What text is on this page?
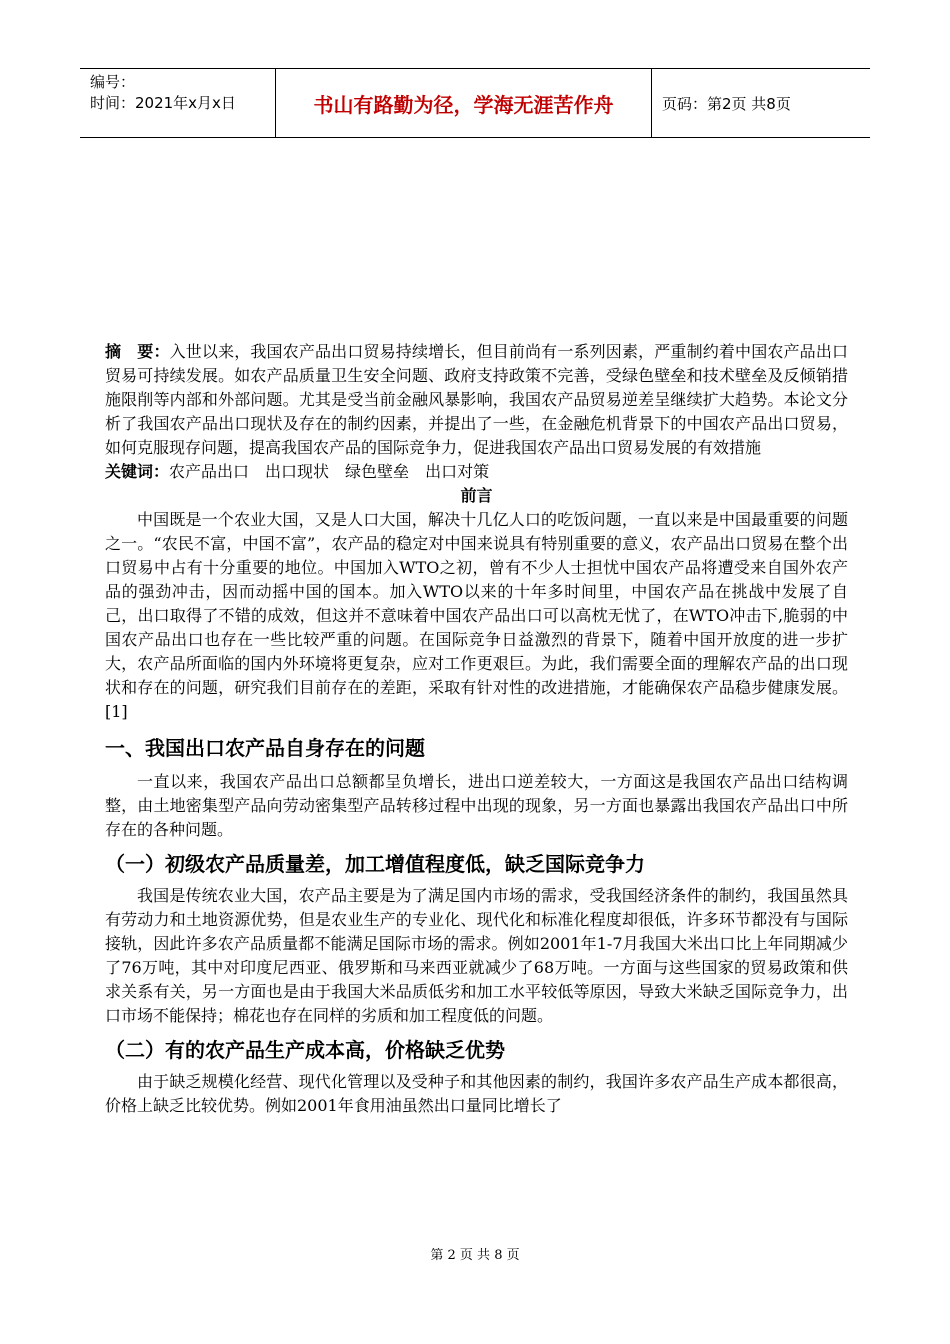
编号：
时间：2021年x月x日	书山有路勤为径，学海无涯苦作舟	页码：第2页 共8页

摘　要：入世以来，我国农产品出口贸易持续增长，但目前尚有一系列因素，严重制约着中国农产品出口贸易可持续发展。如农产品质量卫生安全问题、政府支持政策不完善，受绿色壁垒和技术壁垒及反倾销措施限削等内部和外部问题。尤其是受当前金融风暴影响，我国农产品贸易逆差呈继续扩大趋势。本论文分析了我国农产品出口现状及存在的制约因素，并提出了一些，在金融危机背景下的中国农产品出口贸易，如何克服现存问题，提高我国农产品的国际竞争力，促进我国农产品出口贸易发展的有效措施

关键词：农产品出口 出口现状 绿色壁垒 出口对策

前言

中国既是一个农业大国，又是人口大国，解决十几亿人口的吃饭问题，一直以来是中国最重要的问题之一。“农民不富，中国不富”，农产品的稳定对中国来说具有特别重要的意义，农产品出口贸易在整个出口贸易中占有十分重要的地位。中国加入WTO之初，曾有不少人士担忧中国农产品将遭受来自国外农产品的强劲冲击，因而动摇中国的国本。加入WTO以来的十年多时间里，中国农产品在挑战中发展了自己，出口取得了不错的成效，但这并不意味着中国农产品出口可以高枕无忧了，在WTO冲击下,脆弱的中国农产品出口也存在一些比较严重的问题。在国际竞争日益激烈的背景下，随着中国开放度的进一步扩大，农产品所面临的国内外环境将更复杂，应对工作更艰巨。为此，我们需要全面的理解农产品的出口现状和存在的问题，研究我们目前存在的差距，采取有针对性的改进措施，才能确保农产品稳步健康发展。[1]

一、我国出口农产品自身存在的问题

一直以来，我国农产品出口总额都呈负增长，进出口逆差较大，一方面这是我国农产品出口结构调整，由土地密集型产品向劳动密集型产品转移过程中出现的现象，另一方面也暴露出我国农产品出口中所存在的各种问题。

（一）初级农产品质量差，加工增值程度低，缺乏国际竞争力

我国是传统农业大国，农产品主要是为了满足国内市场的需求，受我国经济条件的制约，我国虽然具有劳动力和土地资源优势，但是农业生产的专业化、现代化和标准化程度却很低，许多环节都没有与国际接轨，因此许多农产品质量都不能满足国际市场的需求。例如2001年1-7月我国大米出口比上年同期减少了76万吨，其中对印度尼西亚、俄罗斯和马来西亚就减少了68万吨。一方面与这些国家的贸易政策和供求关系有关，另一方面也是由于我国大米品质低劣和加工水平较低等原因，导致大米缺乏国际竞争力，出口市场不能保持；棉花也存在同样的劣质和加工程度低的问题。

（二）有的农产品生产成本高，价格缺乏优势

由于缺乏规模化经营、现代化管理以及受种子和其他因素的制约，我国许多农产品生产成本都很高，价格上缺乏比较优势。例如2001年食用油虽然出口量同比增长了

第 2 页 共 8 页
